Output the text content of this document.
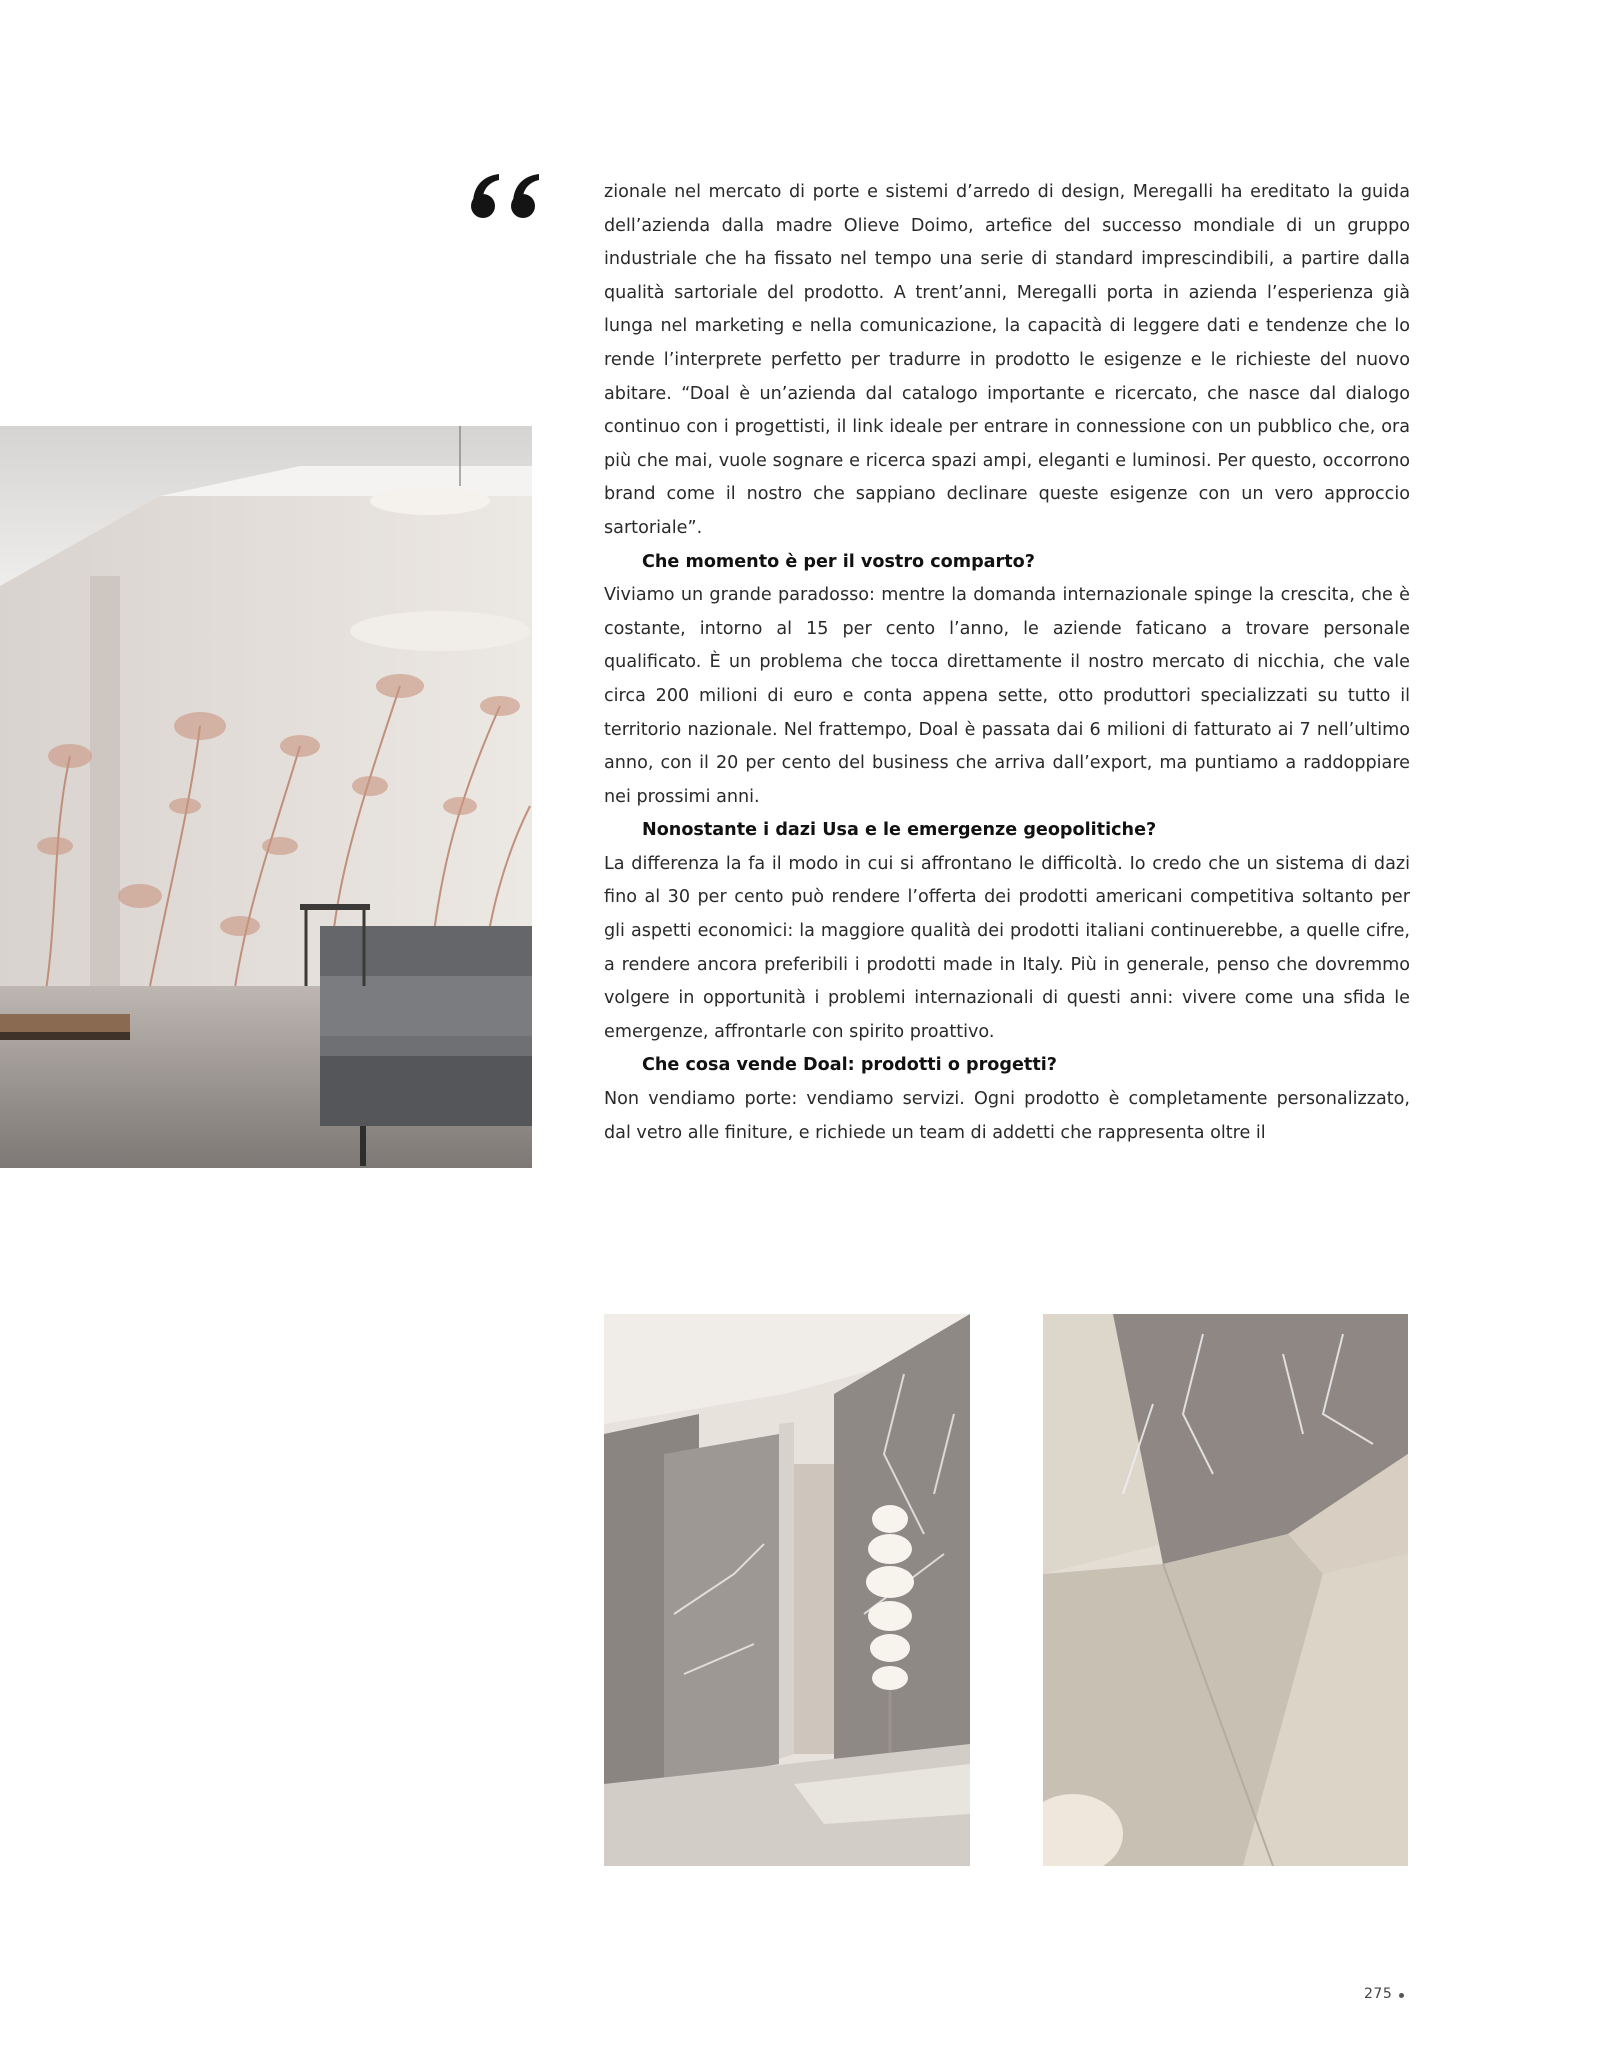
zionale nel mercato di porte e sistemi d’arredo di design, Meregalli ha ereditato la guida dell’azienda dalla madre Olieve Doimo, artefice del successo mondiale di un gruppo industriale che ha fissato nel tempo una serie di standard imprescindibili, a partire dalla qualità sartoriale del prodotto. A trent’anni, Meregalli porta in azienda l’esperienza già lunga nel marketing e nella comunicazione, la capacità di leggere dati e tendenze che lo rende l’interprete perfetto per tradurre in prodotto le esigenze e le richieste del nuovo abitare. “Doal è un’azienda dal catalogo importante e ricercato, che nasce dal dialogo continuo con i progettisti, il link ideale per entrare in connessione con un pubblico che, ora più che mai, vuole sognare e ricerca spazi ampi, eleganti e luminosi. Per questo, occorrono brand come il nostro che sappiano declinare queste esigenze con un vero approccio sartoriale”.

Che momento è per il vostro comparto?

Viviamo un grande paradosso: mentre la domanda internazionale spinge la crescita, che è costante, intorno al 15 per cento l’anno, le aziende faticano a trovare personale qualificato. È un problema che tocca direttamente il nostro mercato di nicchia, che vale circa 200 milioni di euro e conta appena sette, otto produttori specializzati su tutto il territorio nazionale. Nel frattempo, Doal è passata dai 6 milioni di fatturato ai 7 nell’ultimo anno, con il 20 per cento del business che arriva dall’export, ma puntiamo a raddoppiare nei prossimi anni.

Nonostante i dazi Usa e le emergenze geopolitiche?

La differenza la fa il modo in cui si affrontano le difficoltà. Io credo che un sistema di dazi fino al 30 per cento può rendere l’offerta dei prodotti americani competitiva soltanto per gli aspetti economici: la maggiore qualità dei prodotti italiani continuerebbe, a quelle cifre, a rendere ancora preferibili i prodotti made in Italy. Più in generale, penso che dovremmo volgere in opportunità i problemi internazionali di questi anni: vivere come una sfida le emergenze, affrontarle con spirito proattivo.

Che cosa vende Doal: prodotti o progetti?

Non vendiamo porte: vendiamo servizi. Ogni prodotto è completamente personalizzato, dal vetro alle finiture, e richiede un team di addetti che rappresenta oltre il

275
